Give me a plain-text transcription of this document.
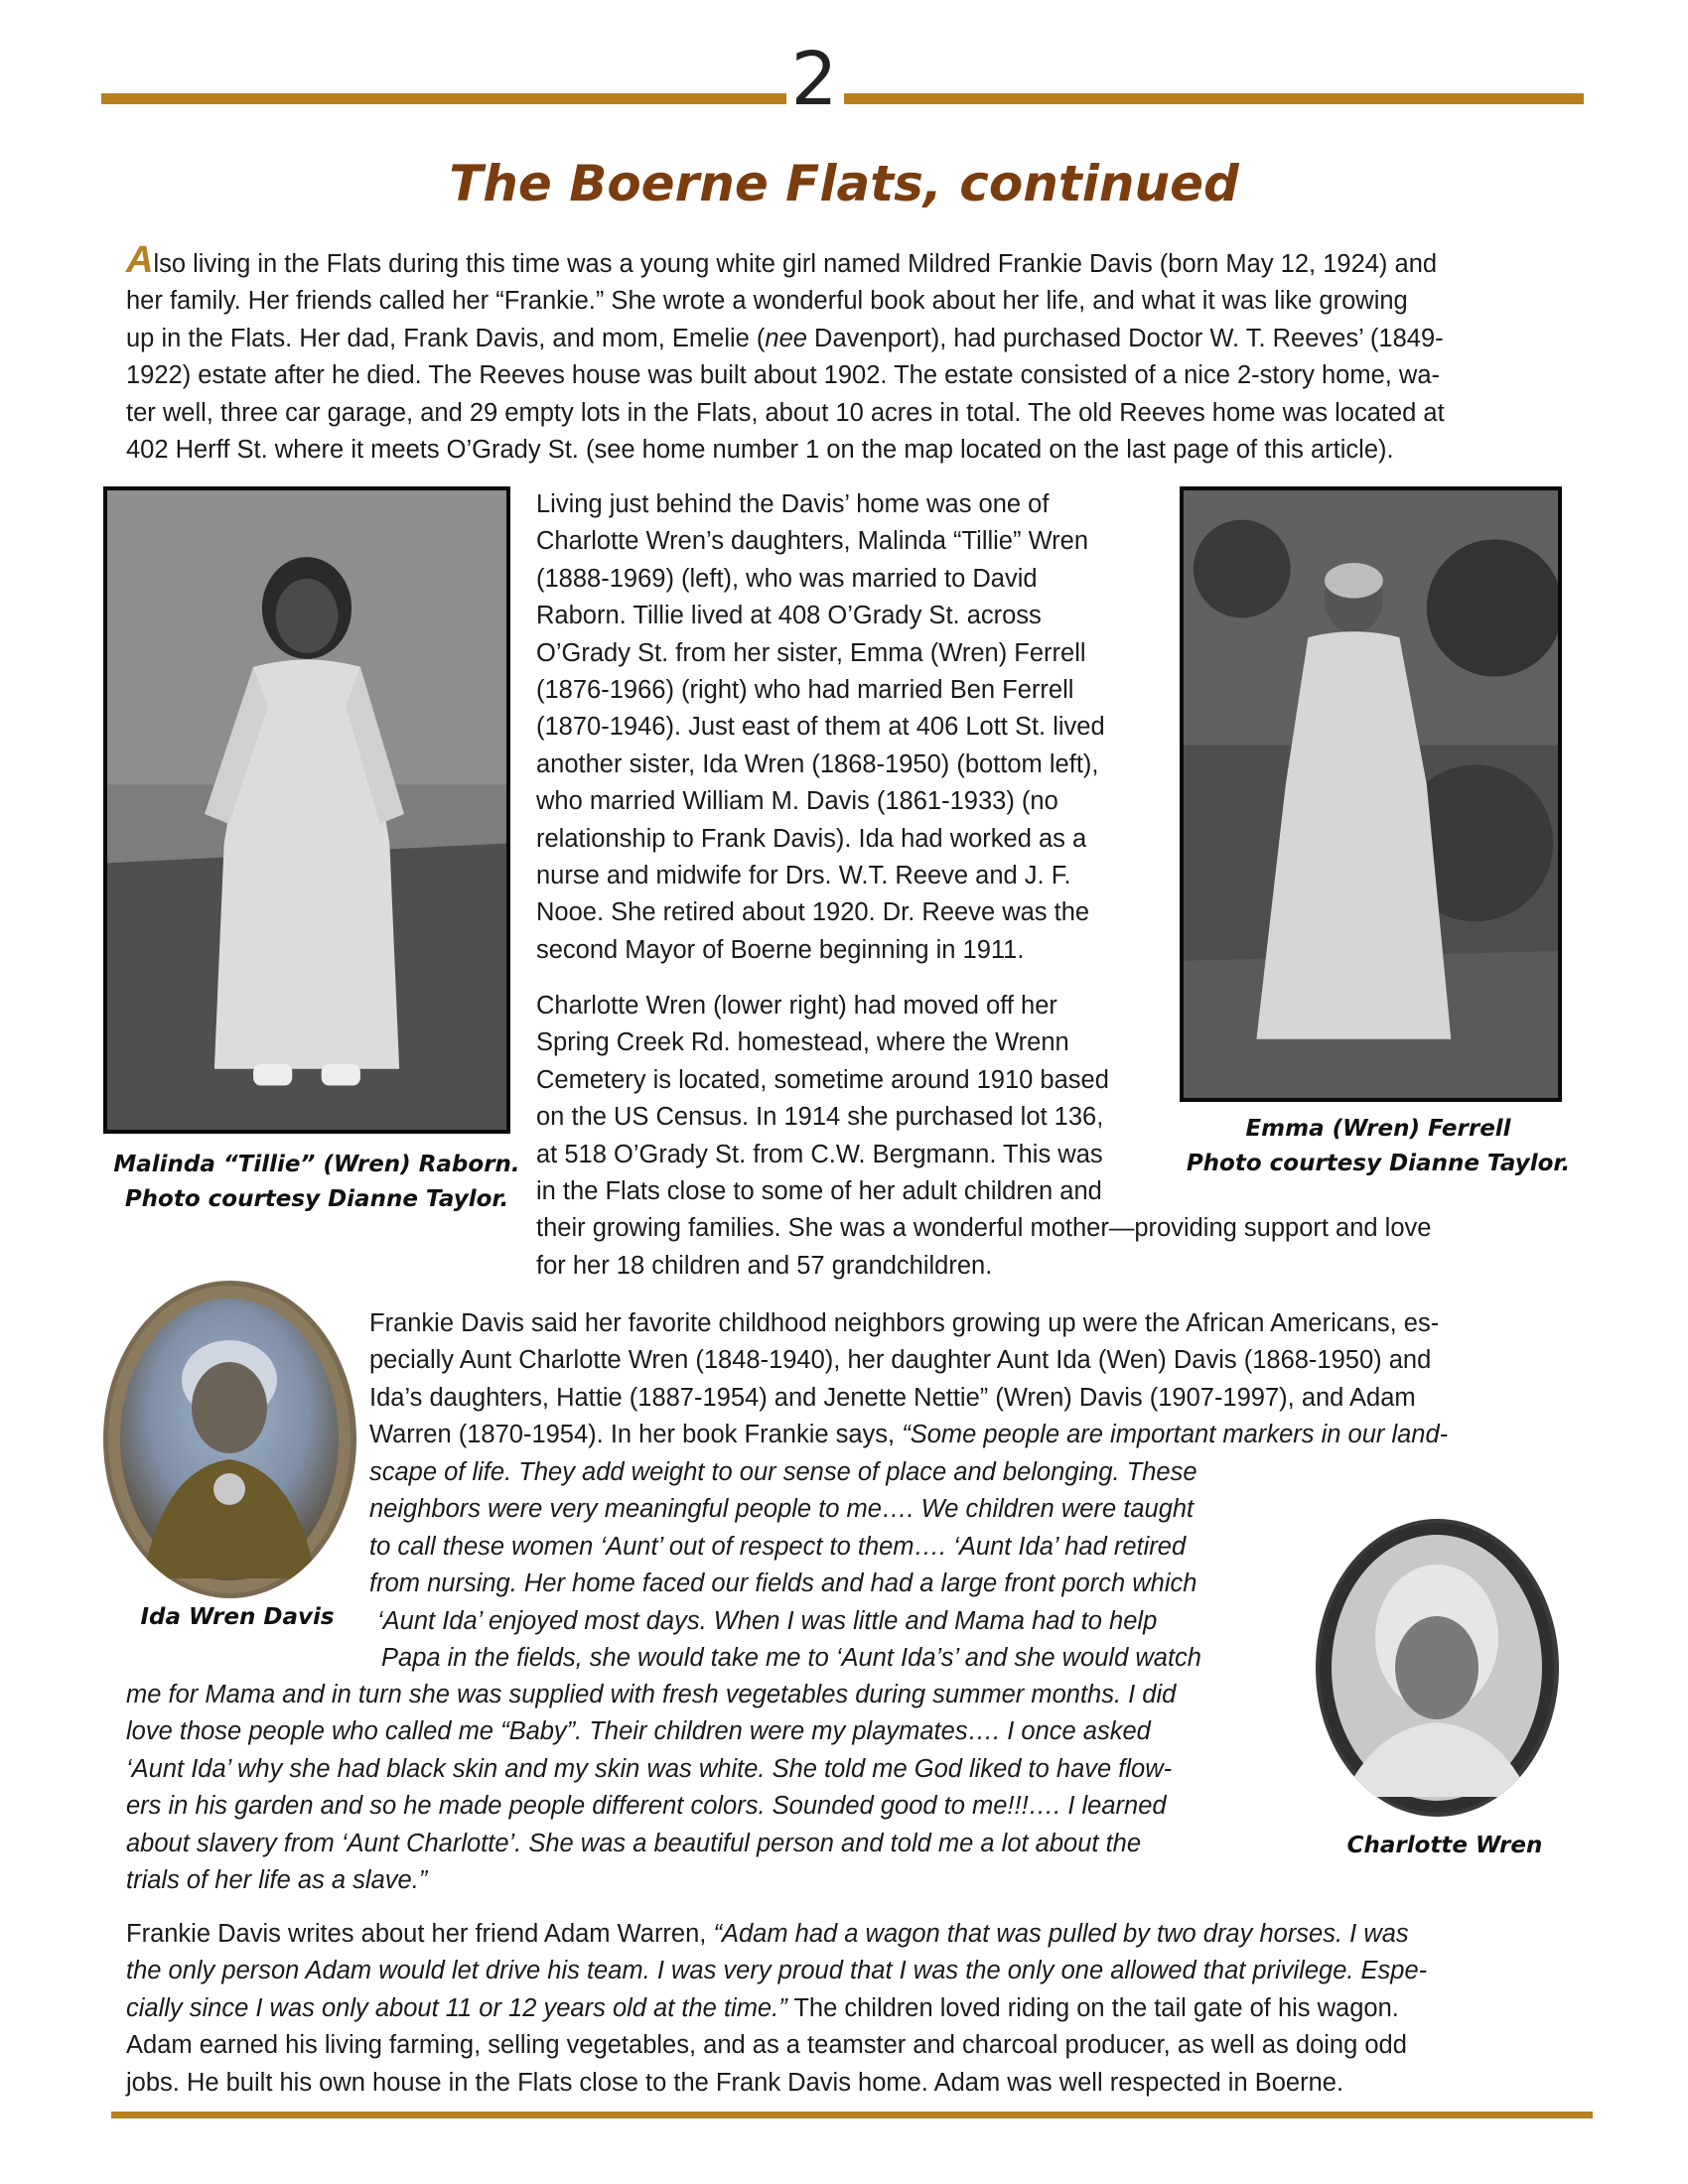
2
The Boerne Flats, continued
Also living in the Flats during this time was a young white girl named Mildred Frankie Davis (born May 12, 1924) and
her family. Her friends called her “Frankie.” She wrote a wonderful book about her life, and what it was like growing
up in the Flats. Her dad, Frank Davis, and mom, Emelie (nee Davenport), had purchased Doctor W. T. Reeves’ (1849-
1922) estate after he died. The Reeves house was built about 1902. The estate consisted of a nice 2-story home, wa-
ter well, three car garage, and 29 empty lots in the Flats, about 10 acres in total. The old Reeves home was located at
402 Herff St. where it meets O’Grady St. (see home number 1 on the map located on the last page of this article).
Malinda “Tillie” (Wren) Raborn.
Photo courtesy Dianne Taylor.
Living just behind the Davis’ home was one of
Charlotte Wren’s daughters, Malinda “Tillie” Wren
(1888-1969) (left), who was married to David
Raborn. Tillie lived at 408 O’Grady St. across
O’Grady St. from her sister, Emma (Wren) Ferrell
(1876-1966) (right) who had married Ben Ferrell
(1870-1946). Just east of them at 406 Lott St. lived
another sister, Ida Wren (1868-1950) (bottom left),
who married William M. Davis (1861-1933) (no
relationship to Frank Davis). Ida had worked as a
nurse and midwife for Drs. W.T. Reeve and J. F.
Nooe. She retired about 1920. Dr. Reeve was the
second Mayor of Boerne beginning in 1911.
Emma (Wren) Ferrell
Photo courtesy Dianne Taylor.
Charlotte Wren (lower right) had moved off her
Spring Creek Rd. homestead, where the Wrenn
Cemetery is located, sometime around 1910 based
on the US Census. In 1914 she purchased lot 136,
at 518 O’Grady St. from C.W. Bergmann. This was
in the Flats close to some of her adult children and
their growing families. She was a wonderful mother—providing support and love
for her 18 children and 57 grandchildren.
Ida Wren Davis
Frankie Davis said her favorite childhood neighbors growing up were the African Americans, es-
pecially Aunt Charlotte Wren (1848-1940), her daughter Aunt Ida (Wen) Davis (1868-1950) and
Ida’s daughters, Hattie (1887-1954) and Jenette Nettie” (Wren) Davis (1907-1997), and Adam
Warren (1870-1954). In her book Frankie says, “Some people are important markers in our land-
scape of life. They add weight to our sense of place and belonging. These
neighbors were very meaningful people to me…. We children were taught
to call these women ‘Aunt’ out of respect to them…. ‘Aunt Ida’ had retired
from nursing. Her home faced our fields and had a large front porch which
‘Aunt Ida’ enjoyed most days. When I was little and Mama had to help
Papa in the fields, she would take me to ‘Aunt Ida’s’ and she would watch
me for Mama and in turn she was supplied with fresh vegetables during summer months. I did
love those people who called me “Baby”. Their children were my playmates…. I once asked
‘Aunt Ida’ why she had black skin and my skin was white. She told me God liked to have flow-
ers in his garden and so he made people different colors. Sounded good to me!!!…. I learned
about slavery from ‘Aunt Charlotte’. She was a beautiful person and told me a lot about the
trials of her life as a slave.”
Charlotte Wren
Frankie Davis writes about her friend Adam Warren, “Adam had a wagon that was pulled by two dray horses. I was
the only person Adam would let drive his team. I was very proud that I was the only one allowed that privilege. Espe-
cially since I was only about 11 or 12 years old at the time.” The children loved riding on the tail gate of his wagon.
Adam earned his living farming, selling vegetables, and as a teamster and charcoal producer, as well as doing odd
jobs. He built his own house in the Flats close to the Frank Davis home. Adam was well respected in Boerne.
